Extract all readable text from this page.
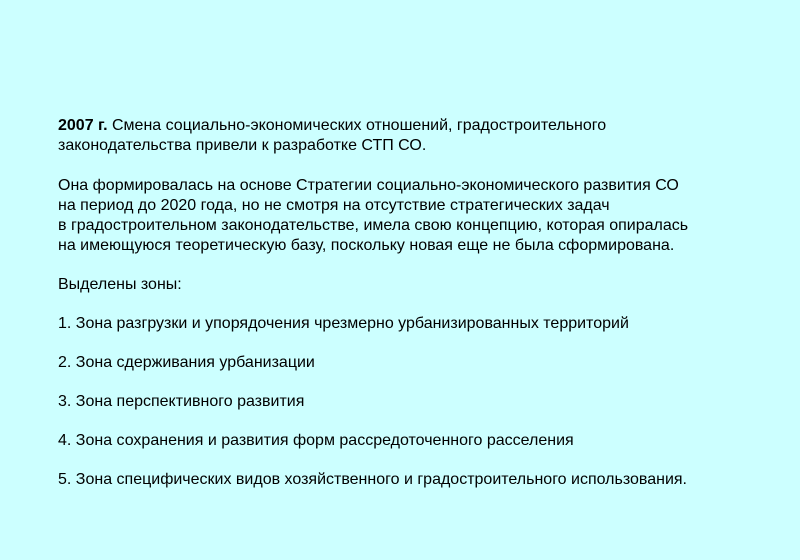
2007 г. Смена социально-экономических отношений, градостроительного
законодательства привели к разработке СТП СО.

Она формировалась на основе Стратегии социально-экономического развития СО
на период до 2020 года, но не смотря на отсутствие стратегических задач
в градостроительном законодательстве, имела свою концепцию, которая опиралась
на имеющуюся теоретическую базу, поскольку новая еще не была сформирована.

Выделены зоны:

1. Зона разгрузки и упорядочения чрезмерно урбанизированных территорий

2. Зона сдерживания урбанизации

3. Зона перспективного развития

4. Зона сохранения и развития форм рассредоточенного расселения

5. Зона специфических видов хозяйственного и градостроительного использования.
